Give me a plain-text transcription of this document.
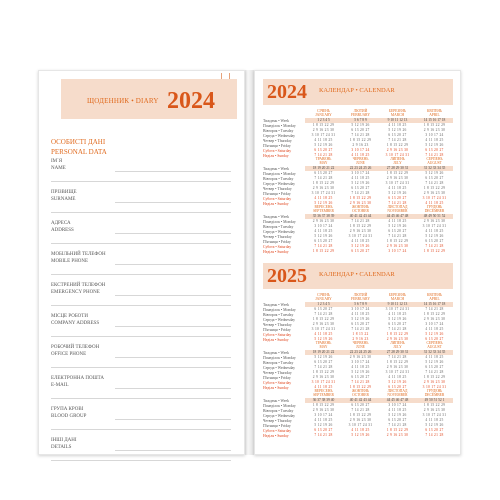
ЩОДЕННИК • DIARY 2024
ОСОБИСТІ ДАНІ
PERSONAL DATA
ІМ`Я
NAME
ПРІЗВИЩЕ
SURNAME
АДРЕСА
ADDRESS
МОБІЛЬНИЙ ТЕЛЕФОН
MOBILE PHONE
ЕКСТРЕНИЙ ТЕЛЕФОН
EMERGENCY PHONE
МІСЦЕ РОБОТИ
COMPANY ADDRESS
РОБОЧИЙ ТЕЛЕФОН
OFFICE PHONE
ЕЛЕКТРОННА ПОШТА
E-MAIL
ГРУПА КРОВІ
BLOOD GROUP
ІНШІ ДАНІ
DETAILS
2024 КАЛЕНДАР • CALENDAR
Тиждень • Week
Понеділок • Monday
Вівторок • Tuesday
Середа • Wednesday
Четвер • Thursday
П'ятниця • Friday
Субота • Saturday
Неділя • Sunday
СІЧЕНЬ
JANUARY
1 2 3 4 5
1 8 15 22 29
2 9 16 23 30
3 10 17 24 31
4 11 18 25
5 12 19 26
6 13 20 27
7 14 21 28
ЛЮТИЙ
FEBRUARY
5 6 7 8 9
5 12 19 26
6 13 20 27
7 14 21 28
1 8 15 22 29
2 9 16 23
3 10 17 24
4 11 18 25
БЕРЕЗЕНЬ
MARCH
9 10 11 12 13
4 11 18 25
5 12 19 26
6 13 20 27
7 14 21 28
1 8 15 22 29
2 9 16 23 30
3 10 17 24 31
КВІТЕНЬ
APRIL
14 15 16 17 18
1 8 15 22 29
2 9 16 23 30
3 10 17 24
4 11 18 25
5 12 19 26
6 13 20 27
7 14 21 28
Тиждень • Week
Понеділок • Monday
Вівторок • Tuesday
Середа • Wednesday
Четвер • Thursday
П'ятниця • Friday
Субота • Saturday
Неділя • Sunday
ТРАВЕНЬ
MAY
18 19 20 21 22
6 13 20 27
7 14 21 28
1 8 15 22 29
2 9 16 23 30
3 10 17 24 31
4 11 18 25
5 12 19 26
ЧЕРВЕНЬ
JUNE
22 23 24 25 26
3 10 17 24
4 11 18 25
5 12 19 26
6 13 20 27
7 14 21 28
1 8 15 22 29
2 9 16 23 30
ЛИПЕНЬ
JULY
27 28 29 30 31
1 8 15 22 29
2 9 16 23 30
3 10 17 24 31
4 11 18 25
5 12 19 26
6 13 20 27
7 14 21 28
СЕРПЕНЬ
AUGUST
31 32 33 34 35
5 12 19 26
6 13 20 27
7 14 21 28
1 8 15 22 29
2 9 16 23 30
3 10 17 24 31
4 11 18 25
Тиждень • Week
Понеділок • Monday
Вівторок • Tuesday
Середа • Wednesday
Четвер • Thursday
П'ятниця • Friday
Субота • Saturday
Неділя • Sunday
ВЕРЕСЕНЬ
SEPTEMBER
35 36 37 38 39
2 9 16 23 30
3 10 17 24
4 11 18 25
5 12 19 26
6 13 20 27
7 14 21 28
1 8 15 22 29
ЖОВТЕНЬ
OCTOBER
40 41 42 43 44
7 14 21 28
1 8 15 22 29
2 9 16 23 30
3 10 17 24 31
4 11 18 25
5 12 19 26
6 13 20 27
ЛИСТОПАД
NOVEMBER
44 45 46 47 48
4 11 18 25
5 12 19 26
6 13 20 27
7 14 21 28
1 8 15 22 29
2 9 16 23 30
3 10 17 24
ГРУДЕНЬ
DECEMBER
48 49 50 51 52
2 9 16 23 30
3 10 17 24 31
4 11 18 25
5 12 19 26
6 13 20 27
7 14 21 28
1 8 15 22 29
2025 КАЛЕНДАР • CALENDAR
Тиждень • Week
Понеділок • Monday
Вівторок • Tuesday
Середа • Wednesday
Четвер • Thursday
П'ятниця • Friday
Субота • Saturday
Неділя • Sunday
СІЧЕНЬ
JANUARY
1 2 3 4 5
6 13 20 27
7 14 21 28
1 8 15 22 29
2 9 16 23 30
3 10 17 24 31
4 11 18 25
5 12 19 26
ЛЮТИЙ
FEBRUARY
5 6 7 8 9
3 10 17 24
4 11 18 25
5 12 19 26
6 13 20 27
7 14 21 28
1 8 15 22
2 9 16 23
БЕРЕЗЕНЬ
MARCH
9 10 11 12 13
3 10 17 24 31
4 11 18 25
5 12 19 26
6 13 20 27
7 14 21 28
1 8 15 22 29
2 9 16 23 30
КВІТЕНЬ
APRIL
14 15 16 17 18
7 14 21 28
1 8 15 22 29
2 9 16 23 30
3 10 17 24
4 11 18 25
5 12 19 26
6 13 20 27
Тиждень • Week
Понеділок • Monday
Вівторок • Tuesday
Середа • Wednesday
Четвер • Thursday
П'ятниця • Friday
Субота • Saturday
Неділя • Sunday
ТРАВЕНЬ
MAY
18 19 20 21 22
5 12 19 26
6 13 20 27
7 14 21 28
1 8 15 22 29
2 9 16 23 30
3 10 17 24 31
4 11 18 25
ЧЕРВЕНЬ
JUNE
22 23 24 25 26
2 9 16 23 30
3 10 17 24
4 11 18 25
5 12 19 26
6 13 20 27
7 14 21 28
1 8 15 22 29
ЛИПЕНЬ
JULY
27 28 29 30 31
7 14 21 28
1 8 15 22 29
2 9 16 23 30
3 10 17 24 31
4 11 18 25
5 12 19 26
6 13 20 27
СЕРПЕНЬ
AUGUST
31 32 33 34 35
4 11 18 25
5 12 19 26
6 13 20 27
7 14 21 28
1 8 15 22 29
2 9 16 23 30
3 10 17 24 31
Тиждень • Week
Понеділок • Monday
Вівторок • Tuesday
Середа • Wednesday
Четвер • Thursday
П'ятниця • Friday
Субота • Saturday
Неділя • Sunday
ВЕРЕСЕНЬ
SEPTEMBER
36 37 38 39 40
1 8 15 22 29
2 9 16 23 30
3 10 17 24
4 11 18 25
5 12 19 26
6 13 20 27
7 14 21 28
ЖОВТЕНЬ
OCTOBER
40 41 42 43 44
6 13 20 27
7 14 21 28
1 8 15 22 29
2 9 16 23 30
3 10 17 24 31
4 11 18 25
5 12 19 26
ЛИСТОПАД
NOVEMBER
44 45 46 47 48
3 10 17 24
4 11 18 25
5 12 19 26
6 13 20 27
7 14 21 28
1 8 15 22 29
2 9 16 23 30
ГРУДЕНЬ
DECEMBER
49 50 51 52 1
1 8 15 22 29
2 9 16 23 30
3 10 17 24 31
4 11 18 25
5 12 19 26
6 13 20 27
7 14 21 28
